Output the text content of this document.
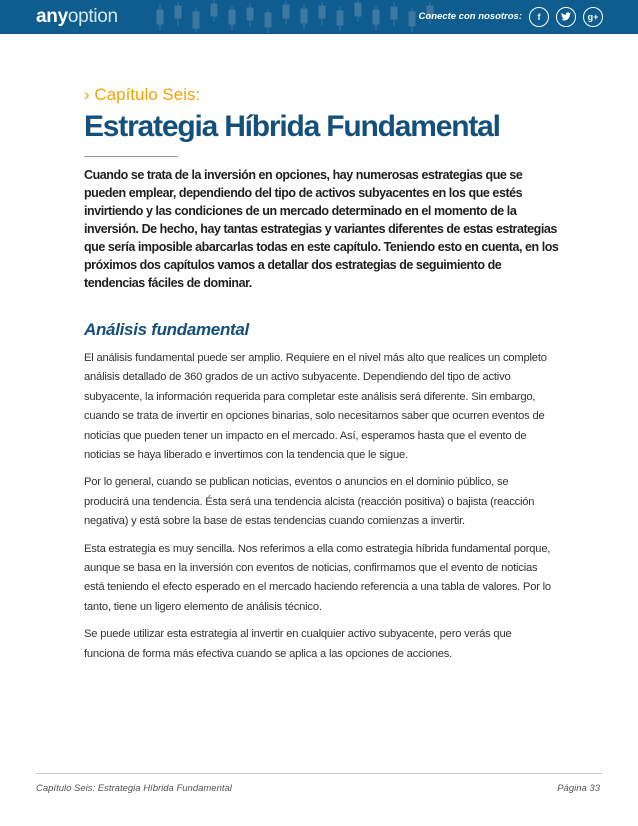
anyoption	Conecte con nosotros:	f	g+
› Capítulo Seis:
Estrategia Híbrida Fundamental

Cuando se trata de la inversión en opciones, hay numerosas estrategias que se pueden emplear, dependiendo del tipo de activos subyacentes en los que estés invirtiendo y las condiciones de un mercado determinado en el momento de la inversión. De hecho, hay tantas estrategias y variantes diferentes de estas estrategias que sería imposible abarcarlas todas en este capítulo. Teniendo esto en cuenta, en los próximos dos capítulos vamos a detallar dos estrategias de seguimiento de tendencias fáciles de dominar.

Análisis fundamental

El análisis fundamental puede ser amplio. Requiere en el nivel más alto que realices un completo análisis detallado de 360 grados de un activo subyacente. Dependiendo del tipo de activo subyacente, la información requerida para completar este análisis será diferente. Sin embargo, cuando se trata de invertir en opciones binarias, solo necesitamos saber que ocurren eventos de noticias que pueden tener un impacto en el mercado. Así, esperamos hasta que el evento de noticias se haya liberado e invertimos con la tendencia que le sigue.

Por lo general, cuando se publican noticias, eventos o anuncios en el dominio público, se producirá una tendencia. Ésta será una tendencia alcista (reacción positiva) o bajista (reacción negativa) y está sobre la base de estas tendencias cuando comienzas a invertir.

Esta estrategia es muy sencilla. Nos referimos a ella como estrategia híbrida fundamental porque, aunque se basa en la inversión con eventos de noticias, confirmamos que el evento de noticias está teniendo el efecto esperado en el mercado haciendo referencia a una tabla de valores. Por lo tanto, tiene un ligero elemento de análisis técnico.

Se puede utilizar esta estrategia al invertir en cualquier activo subyacente, pero verás que funciona de forma más efectiva cuando se aplica a las opciones de acciones.

Capítulo Seis: Estrategia Híbrida Fundamental	Página 33
